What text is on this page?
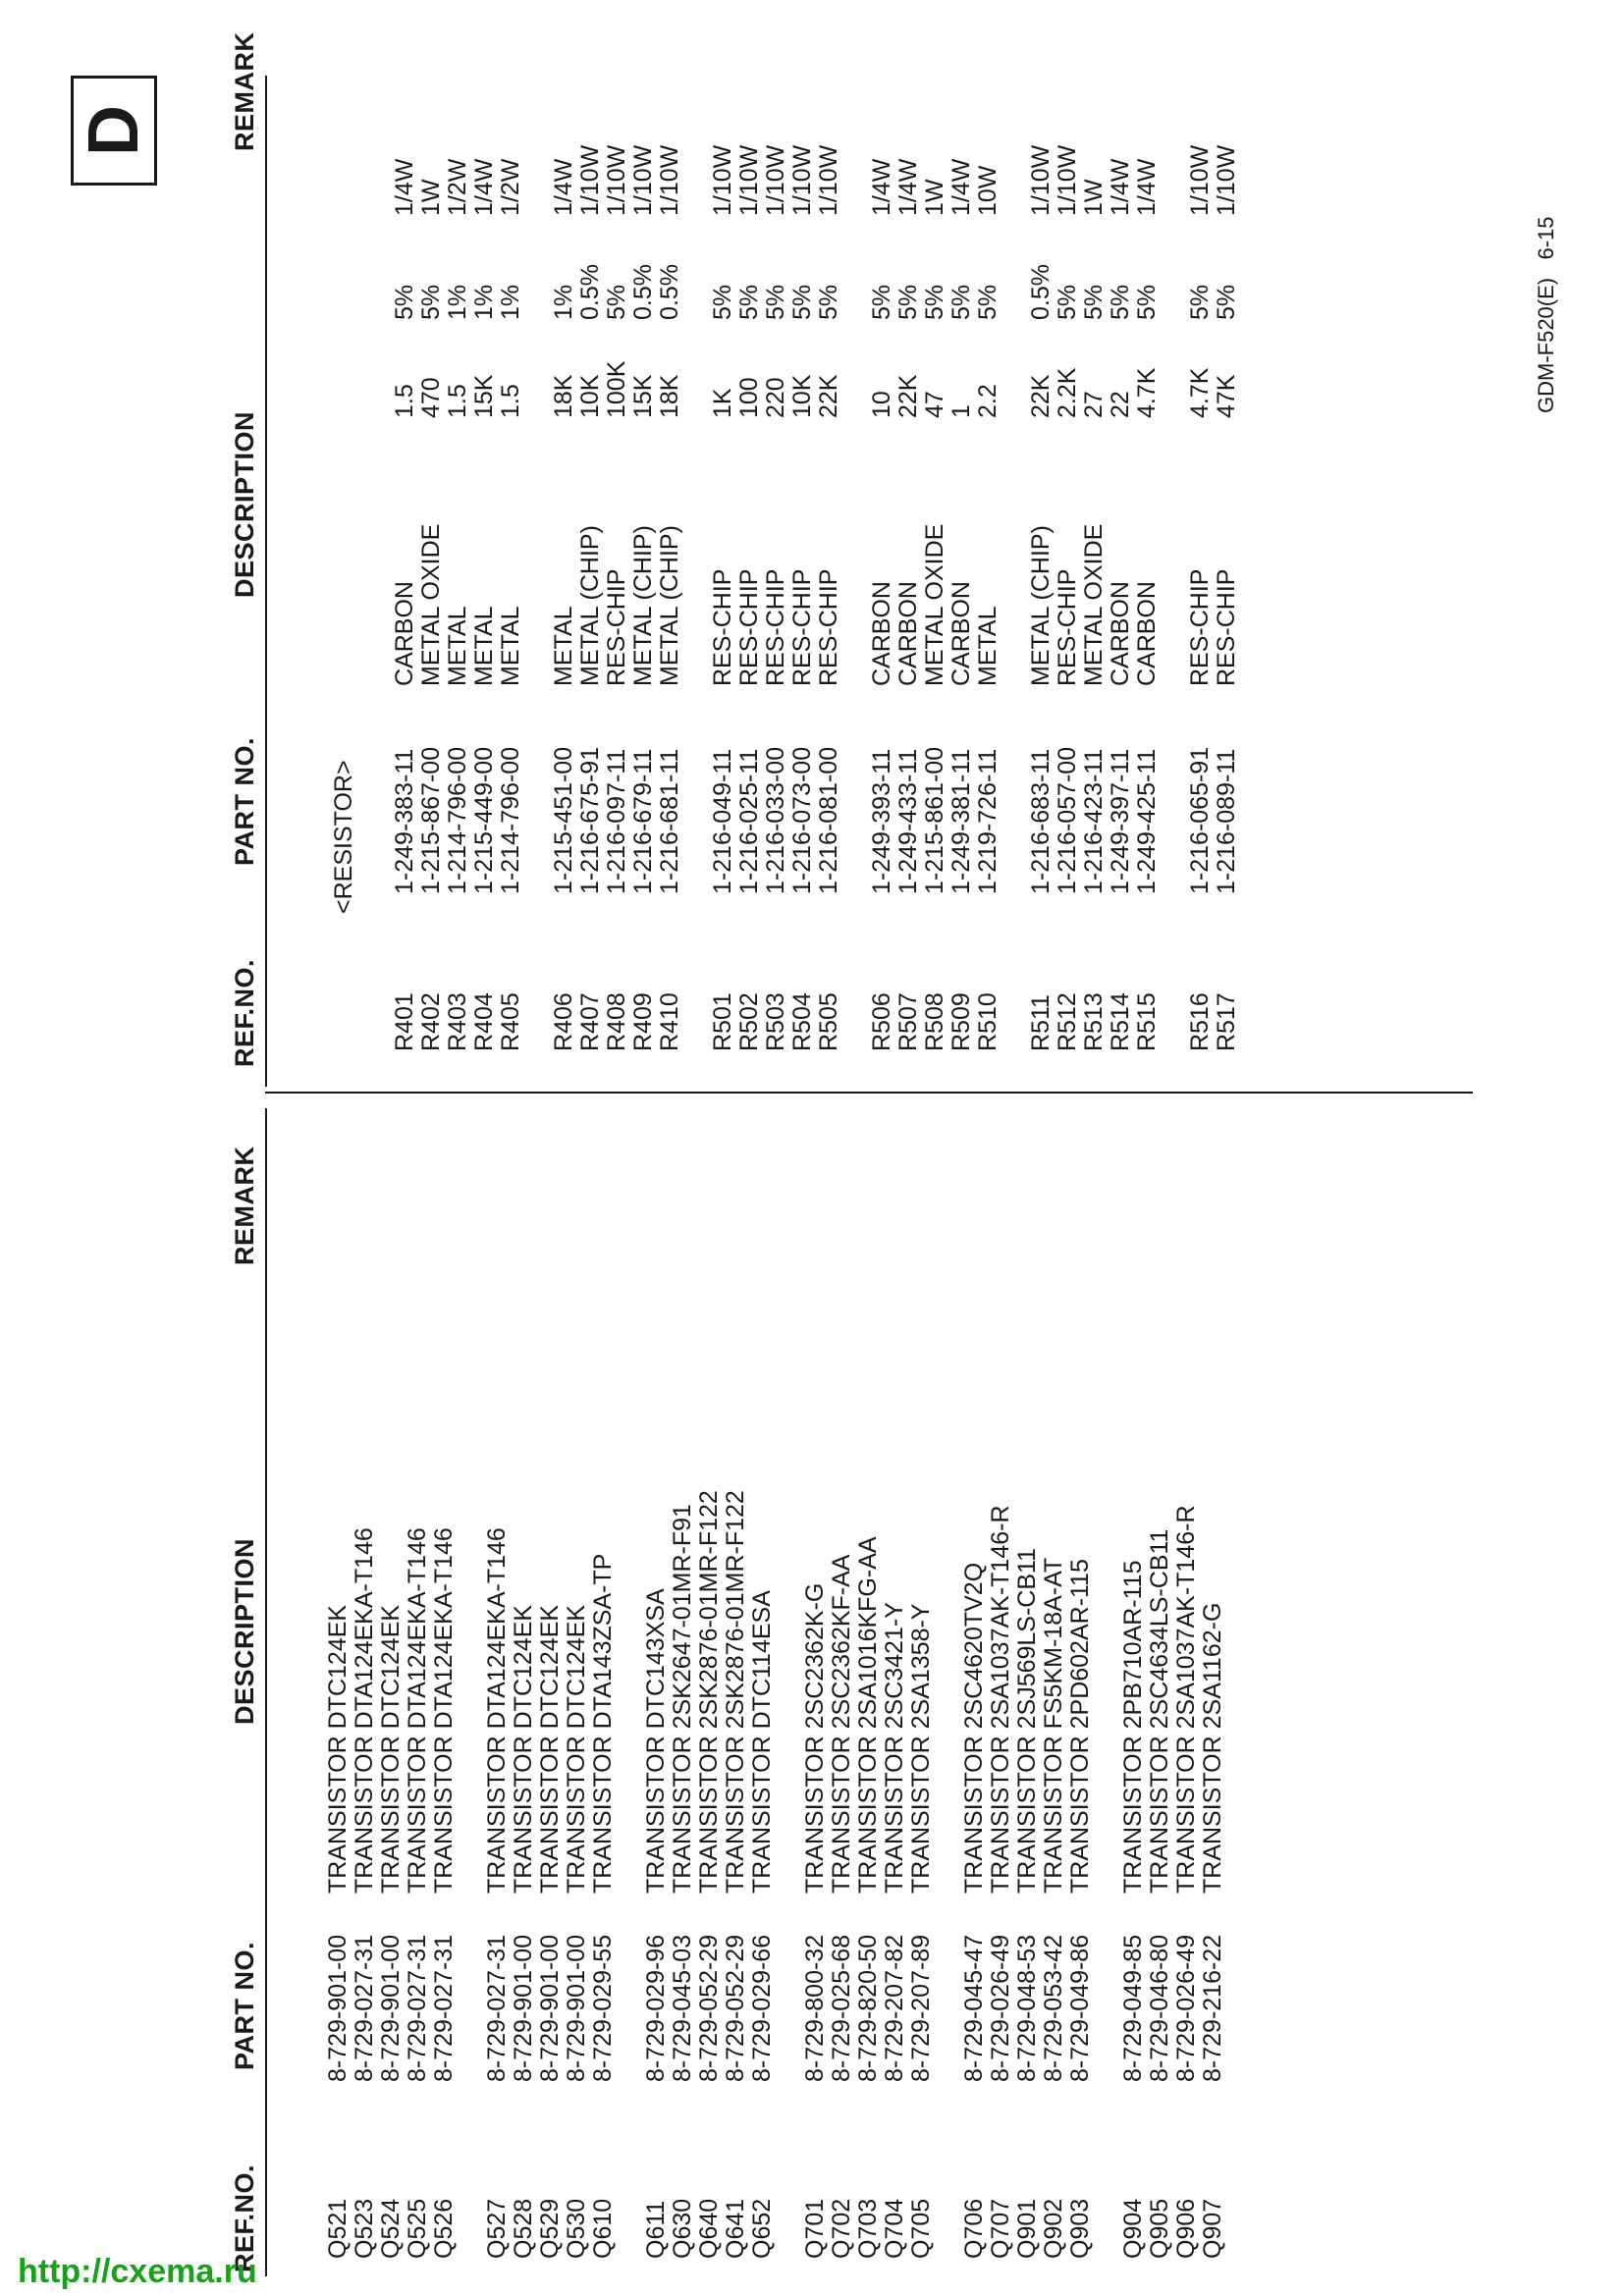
D
REF.NO.
PART NO.
DESCRIPTION
REMARK
REF.NO.
PART NO.
DESCRIPTION
REMARK
Q521
8-729-901-00
TRANSISTOR DTC124EK
Q523
8-729-027-31
TRANSISTOR DTA124EKA-T146
Q524
8-729-901-00
TRANSISTOR DTC124EK
Q525
8-729-027-31
TRANSISTOR DTA124EKA-T146
Q526
8-729-027-31
TRANSISTOR DTA124EKA-T146
Q527
8-729-027-31
TRANSISTOR DTA124EKA-T146
Q528
8-729-901-00
TRANSISTOR DTC124EK
Q529
8-729-901-00
TRANSISTOR DTC124EK
Q530
8-729-901-00
TRANSISTOR DTC124EK
Q610
8-729-029-55
TRANSISTOR DTA143ZSA-TP
Q611
8-729-029-96
TRANSISTOR DTC143XSA
Q630
8-729-045-03
TRANSISTOR 2SK2647-01MR-F91
Q640
8-729-052-29
TRANSISTOR 2SK2876-01MR-F122
Q641
8-729-052-29
TRANSISTOR 2SK2876-01MR-F122
Q652
8-729-029-66
TRANSISTOR DTC114ESA
Q701
8-729-800-32
TRANSISTOR 2SC2362K-G
Q702
8-729-025-68
TRANSISTOR 2SC2362KF-AA
Q703
8-729-820-50
TRANSISTOR 2SA1016KFG-AA
Q704
8-729-207-82
TRANSISTOR 2SC3421-Y
Q705
8-729-207-89
TRANSISTOR 2SA1358-Y
Q706
8-729-045-47
TRANSISTOR 2SC4620TV2Q
Q707
8-729-026-49
TRANSISTOR 2SA1037AK-T146-R
Q901
8-729-048-53
TRANSISTOR 2SJ569LS-CB11
Q902
8-729-053-42
TRANSISTOR FS5KM-18A-AT
Q903
8-729-049-86
TRANSISTOR 2PD602AR-115
Q904
8-729-049-85
TRANSISTOR 2PB710AR-115
Q905
8-729-046-80
TRANSISTOR 2SC4634LS-CB11
Q906
8-729-026-49
TRANSISTOR 2SA1037AK-T146-R
Q907
8-729-216-22
TRANSISTOR 2SA1162-G
<RESISTOR>
R401
1-249-383-11
CARBON
1.5
5%
1/4W
R402
1-215-867-00
METAL OXIDE
470
5%
1W
R403
1-214-796-00
METAL
1.5
1%
1/2W
R404
1-215-449-00
METAL
15K
1%
1/4W
R405
1-214-796-00
METAL
1.5
1%
1/2W
R406
1-215-451-00
METAL
18K
1%
1/4W
R407
1-216-675-91
METAL (CHIP)
10K
0.5%
1/10W
R408
1-216-097-11
RES-CHIP
100K
5%
1/10W
R409
1-216-679-11
METAL (CHIP)
15K
0.5%
1/10W
R410
1-216-681-11
METAL (CHIP)
18K
0.5%
1/10W
R501
1-216-049-11
RES-CHIP
1K
5%
1/10W
R502
1-216-025-11
RES-CHIP
100
5%
1/10W
R503
1-216-033-00
RES-CHIP
220
5%
1/10W
R504
1-216-073-00
RES-CHIP
10K
5%
1/10W
R505
1-216-081-00
RES-CHIP
22K
5%
1/10W
R506
1-249-393-11
CARBON
10
5%
1/4W
R507
1-249-433-11
CARBON
22K
5%
1/4W
R508
1-215-861-00
METAL OXIDE
47
5%
1W
R509
1-249-381-11
CARBON
1
5%
1/4W
R510
1-219-726-11
METAL
2.2
5%
10W
R511
1-216-683-11
METAL (CHIP)
22K
0.5%
1/10W
R512
1-216-057-00
RES-CHIP
2.2K
5%
1/10W
R513
1-216-423-11
METAL OXIDE
27
5%
1W
R514
1-249-397-11
CARBON
22
5%
1/4W
R515
1-249-425-11
CARBON
4.7K
5%
1/4W
R516
1-216-065-91
RES-CHIP
4.7K
5%
1/10W
R517
1-216-089-11
RES-CHIP
47K
5%
1/10W
GDM-F520(E)   6-15
http://cxema.ru
